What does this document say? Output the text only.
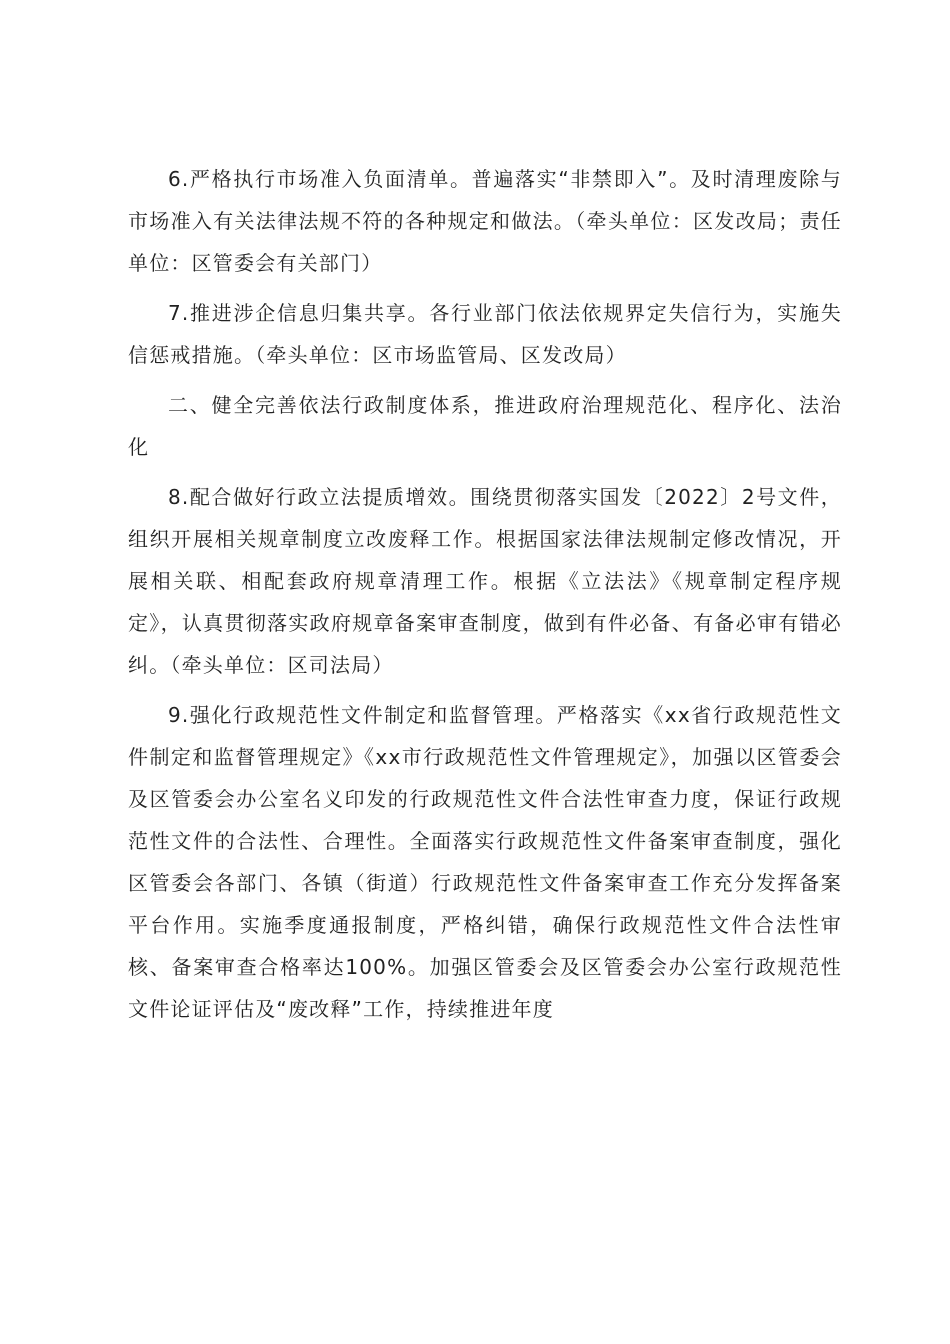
6.严格执行市场准入负面清单。普遍落实“非禁即入”。及时清理废除与市场准入有关法律法规不符的各种规定和做法。（牵头单位：区发改局；责任单位：区管委会有关部门）

7.推进涉企信息归集共享。各行业部门依法依规界定失信行为，实施失信惩戒措施。（牵头单位：区市场监管局、区发改局）

二、健全完善依法行政制度体系，推进政府治理规范化、程序化、法治化

8.配合做好行政立法提质增效。围绕贯彻落实国发〔2022〕2号文件，组织开展相关规章制度立改废释工作。根据国家法律法规制定修改情况，开展相关联、相配套政府规章清理工作。根据《立法法》《规章制定程序规定》，认真贯彻落实政府规章备案审查制度，做到有件必备、有备必审有错必纠。（牵头单位：区司法局）

9.强化行政规范性文件制定和监督管理。严格落实《xx省行政规范性文件制定和监督管理规定》《xx市行政规范性文件管理规定》，加强以区管委会及区管委会办公室名义印发的行政规范性文件合法性审查力度，保证行政规范性文件的合法性、合理性。全面落实行政规范性文件备案审查制度，强化区管委会各部门、各镇（街道）行政规范性文件备案审查工作充分发挥备案平台作用。实施季度通报制度，严格纠错，确保行政规范性文件合法性审核、备案审查合格率达100%。加强区管委会及区管委会办公室行政规范性文件论证评估及“废改释”工作，持续推进年度
